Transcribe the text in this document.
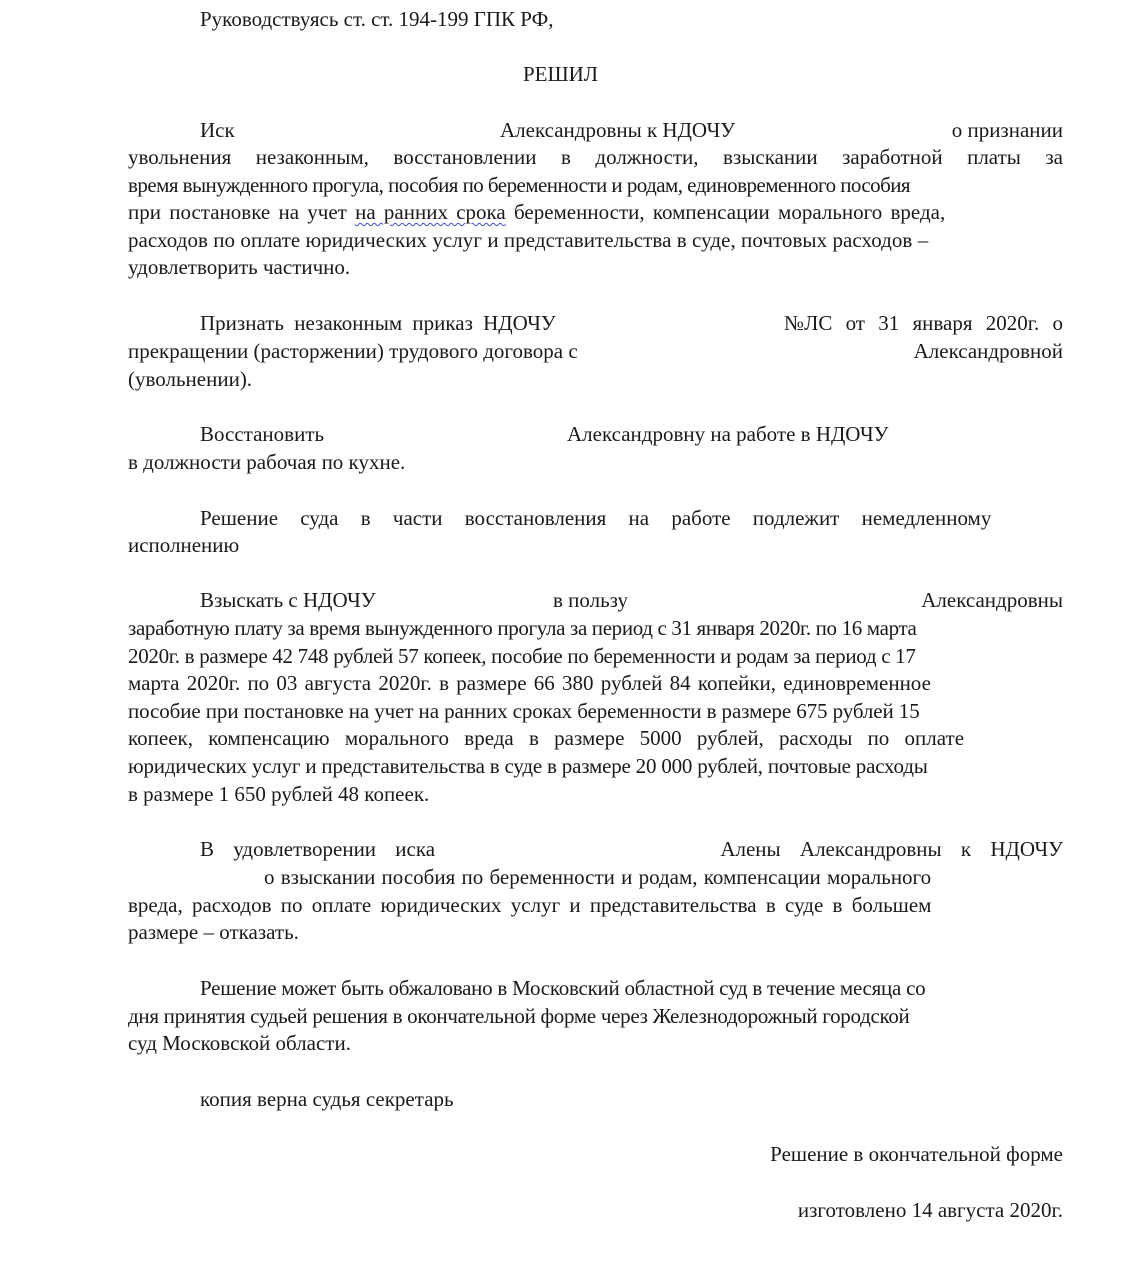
Руководствуясь ст. ст. 194-199 ГПК РФ,
РЕШИЛ
Иск	Александровны к НДОЧУ	о признании
увольнения незаконным, восстановлении в должности, взыскании заработной платы за
время вынужденного прогула, пособия по беременности и родам, единовременного пособия
при постановке на учет на ранних срока беременности, компенсации морального вреда,
расходов по оплате юридических услуг и представительства в суде, почтовых расходов –
удовлетворить частично.
Признать незаконным приказ НДОЧУ	№ЛС от 31 января 2020г. о
прекращении (расторжении) трудового договора с	Александровной
(увольнении).
Восстановить	Александровну на работе в НДОЧУ
в должности рабочая по кухне.
Решение суда в части восстановления на работе подлежит немедленному
исполнению
Взыскать с НДОЧУ	в пользу	Александровны
заработную плату за время вынужденного прогула за период с 31 января 2020г. по 16 марта
2020г. в размере 42 748 рублей 57 копеек, пособие по беременности и родам за период с 17
марта 2020г. по 03 августа 2020г. в размере 66 380 рублей 84 копейки, единовременное
пособие при постановке на учет на ранних сроках беременности в размере 675 рублей 15
копеек, компенсацию морального вреда в размере 5000 рублей, расходы по оплате
юридических услуг и представительства в суде в размере 20 000 рублей, почтовые расходы
в размере 1 650 рублей 48 копеек.
В удовлетворении иска	Алены Александровны к НДОЧУ
о взыскании пособия по беременности и родам, компенсации морального
вреда, расходов по оплате юридических услуг и представительства в суде в большем
размере – отказать.
Решение может быть обжаловано в Московский областной суд в течение месяца со
дня принятия судьей решения в окончательной форме через Железнодорожный городской
суд Московской области.
копия верна судья секретарь
Решение в окончательной форме
изготовлено 14 августа 2020г.
